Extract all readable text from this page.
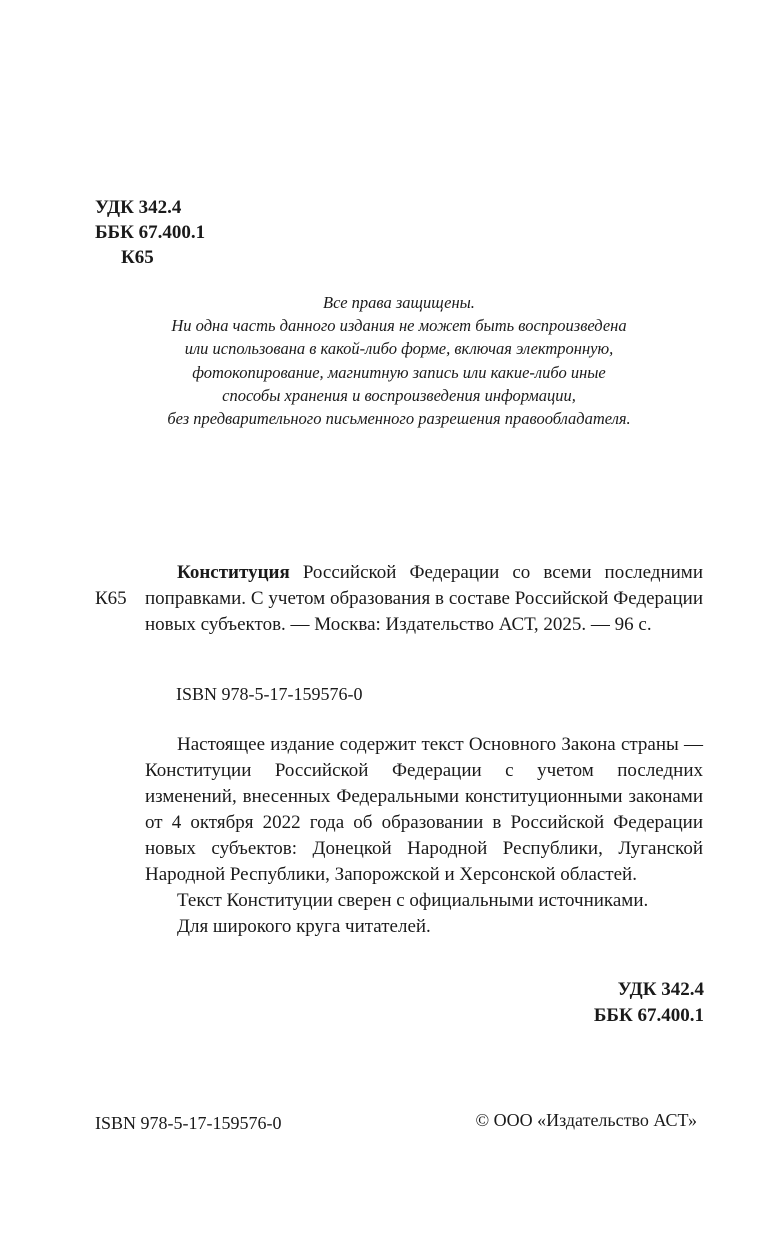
УДК 342.4
ББК 67.400.1
К65
Все права защищены.
Ни одна часть данного издания не может быть воспроизведена
или использована в какой-либо форме, включая электронную,
фотокопирование, магнитную запись или какие-либо иные
способы хранения и воспроизведения информации,
без предварительного письменного разрешения правообладателя.
К65

Конституция Российской Федерации со всеми последними поправками. С учетом образования в составе Российской Федерации новых субъектов. — Москва: Издательство АСТ, 2025. — 96 с.

ISBN 978-5-17-159576-0

Настоящее издание содержит текст Основного Закона страны — Конституции Российской Федерации с учетом последних изменений, внесенных Федеральными конституционными законами от 4 октября 2022 года об образовании в Российской Федерации новых субъектов: Донецкой Народной Республики, Луганской Народной Республики, Запорожской и Херсонской областей.

Текст Конституции сверен с официальными источниками.

Для широкого круга читателей.

УДК 342.4
ББК 67.400.1
ISBN 978-5-17-159576-0	© ООО «Издательство АСТ»
